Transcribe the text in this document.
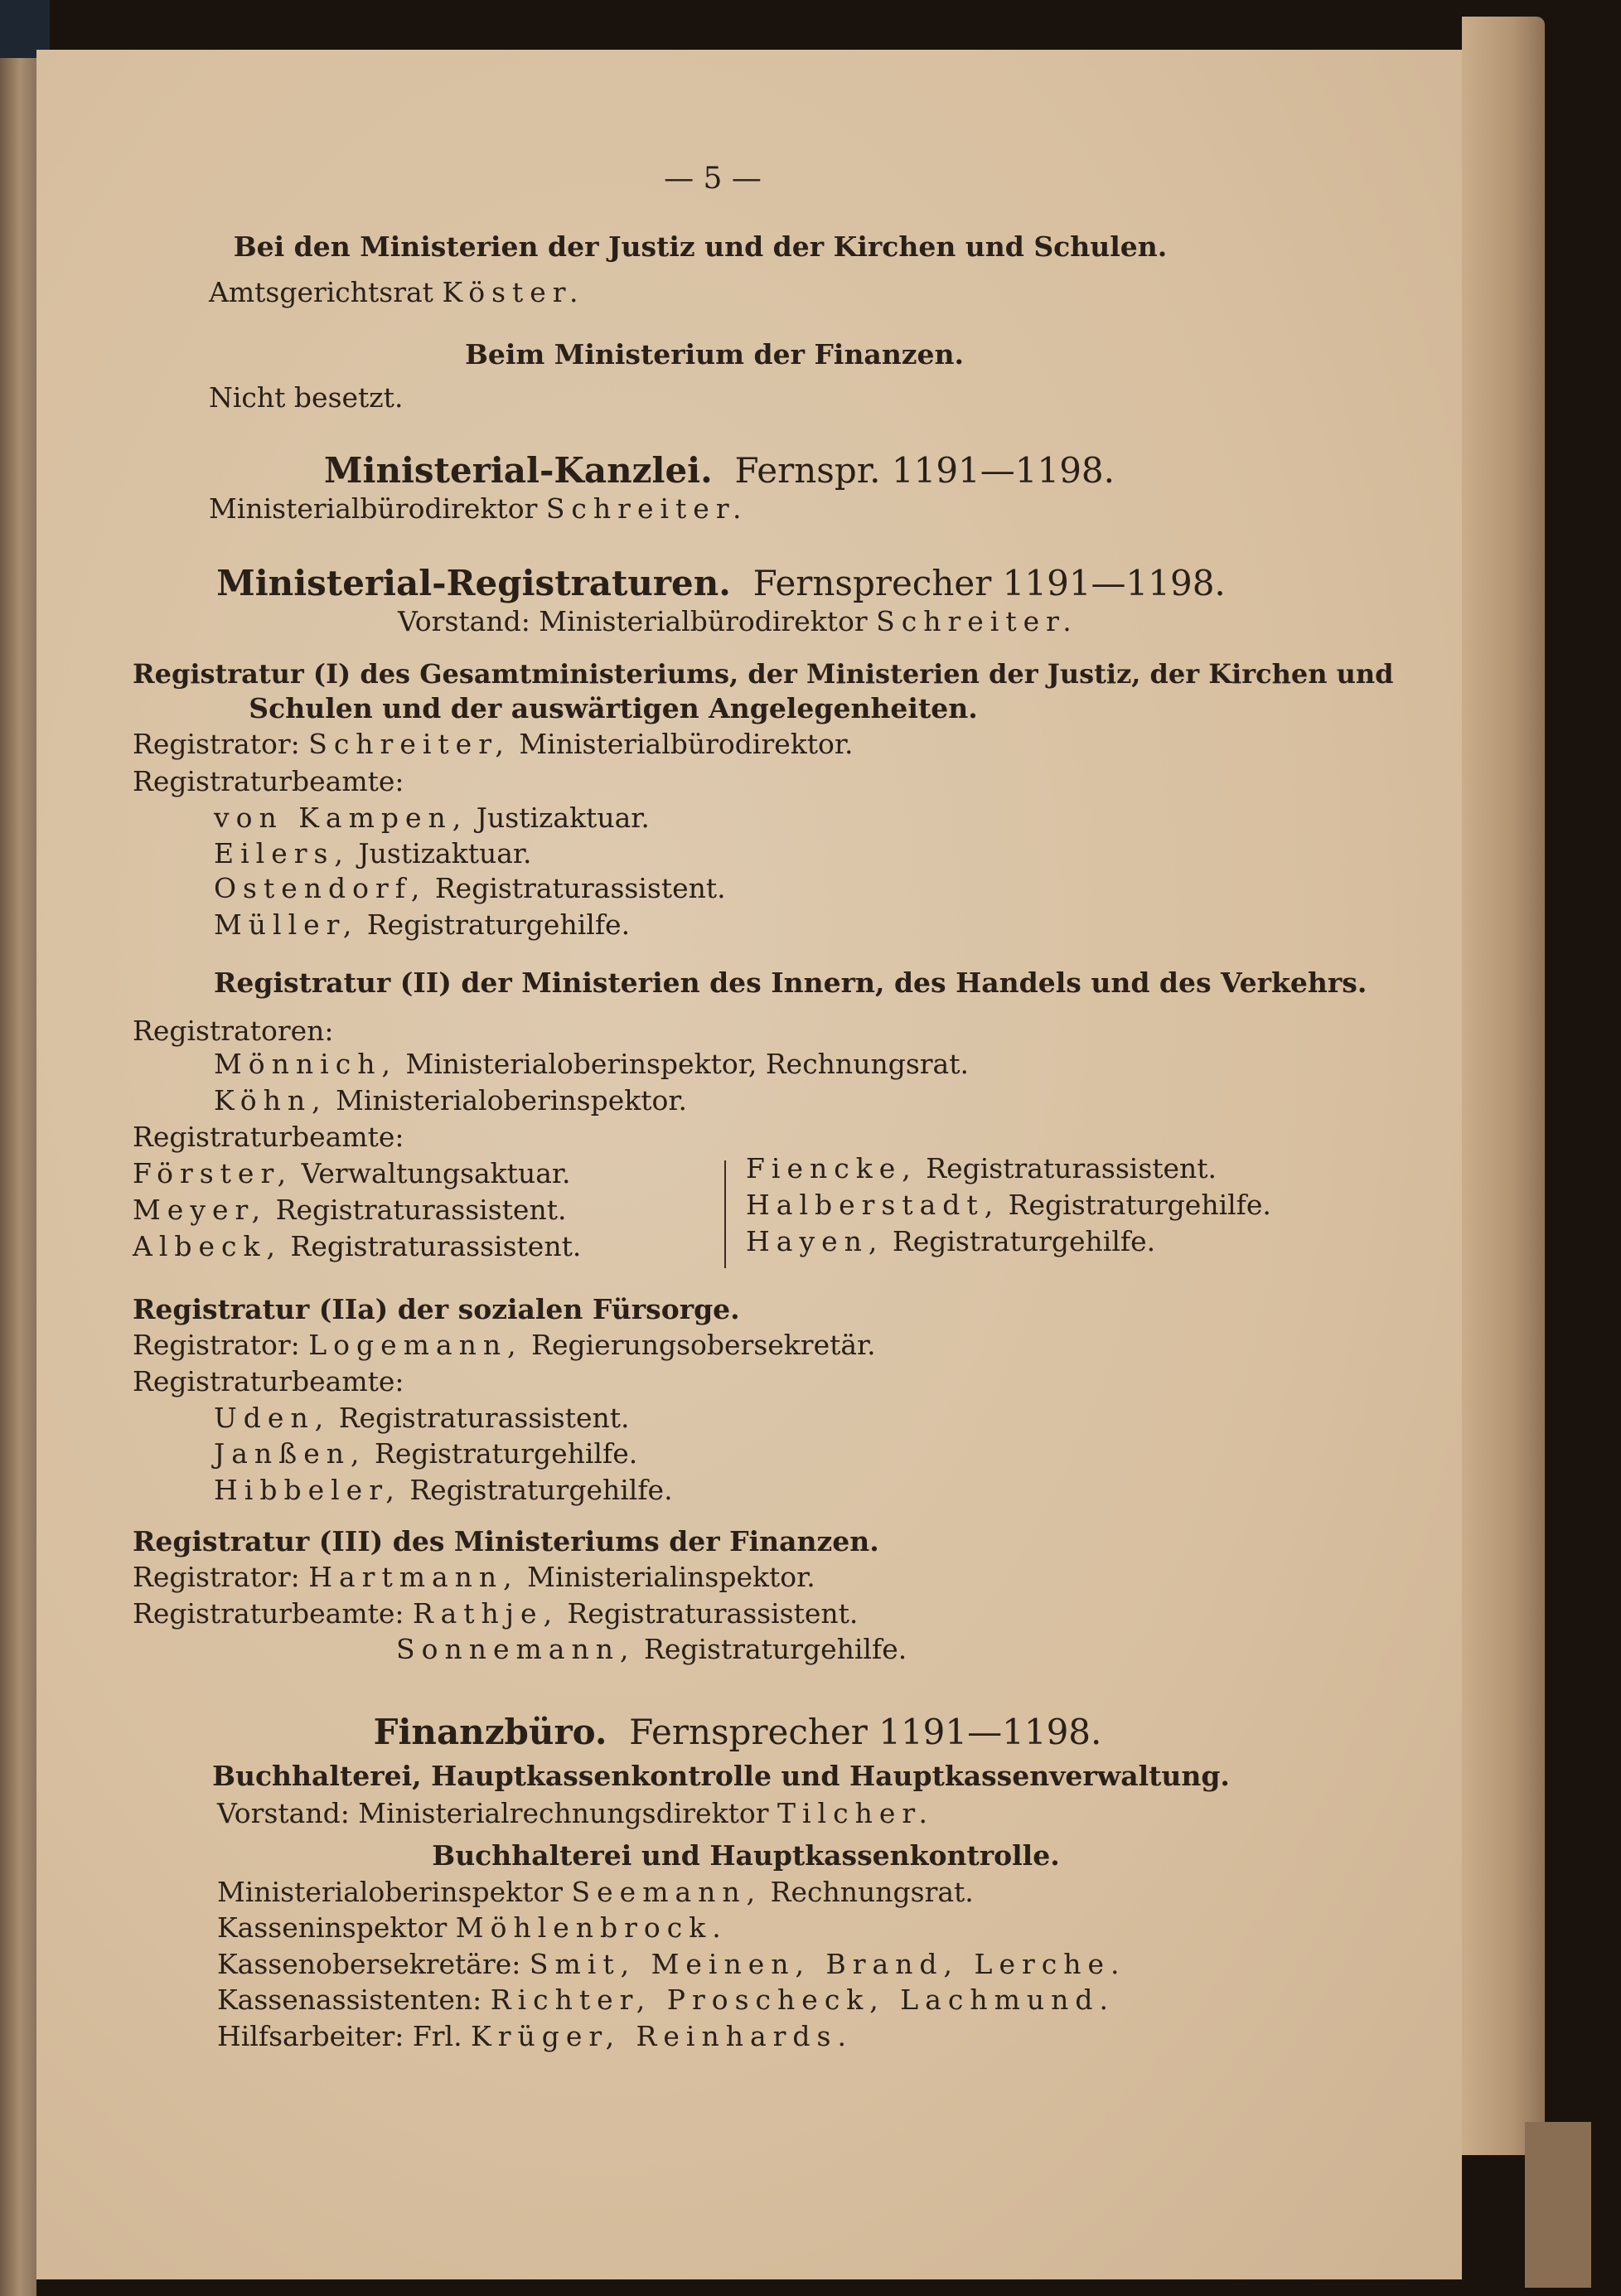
— 5 —
Bei den Ministerien der Justiz und der Kirchen und Schulen.
Amtsgerichtsrat Köster.
Beim Ministerium der Finanzen.
Nicht besetzt.
Ministerial-Kanzlei. Fernspr. 1191—1198.
Ministerialbürodirektor Schreiter.
Ministerial-Registraturen. Fernsprecher 1191—1198.
Vorstand: Ministerialbürodirektor Schreiter.
Registratur (I) des Gesamtministeriums, der Ministerien der Justiz, der Kirchen und
Schulen und der auswärtigen Angelegenheiten.
Registrator: Schreiter, Ministerialbürodirektor.
Registraturbeamte:
von Kampen, Justizaktuar.
Eilers, Justizaktuar.
Ostendorf, Registraturassistent.
Müller, Registraturgehilfe.
Registratur (II) der Ministerien des Innern, des Handels und des Verkehrs.
Registratoren:
Mönnich, Ministerialoberinspektor, Rechnungsrat.
Köhn, Ministerialoberinspektor.
Registraturbeamte:
Förster, Verwaltungsaktuar.
Meyer, Registraturassistent.
Albeck, Registraturassistent.
Fiencke, Registraturassistent.
Halberstadt, Registraturgehilfe.
Hayen, Registraturgehilfe.
Registratur (IIa) der sozialen Fürsorge.
Registrator: Logemann, Regierungsobersekretär.
Registraturbeamte:
Uden, Registraturassistent.
Janßen, Registraturgehilfe.
Hibbeler, Registraturgehilfe.
Registratur (III) des Ministeriums der Finanzen.
Registrator: Hartmann, Ministerialinspektor.
Registraturbeamte: Rathje, Registraturassistent.
Sonnemann, Registraturgehilfe.
Finanzbüro. Fernsprecher 1191—1198.
Buchhalterei, Hauptkassenkontrolle und Hauptkassenverwaltung.
Vorstand: Ministerialrechnungsdirektor Tilcher.
Buchhalterei und Hauptkassenkontrolle.
Ministerialoberinspektor Seemann, Rechnungsrat.
Kasseninspektor Möhlenbrock.
Kassenobersekretäre: Smit, Meinen, Brand, Lerche.
Kassenassistenten: Richter, Proscheck, Lachmund.
Hilfsarbeiter: Frl. Krüger, Reinhards.
